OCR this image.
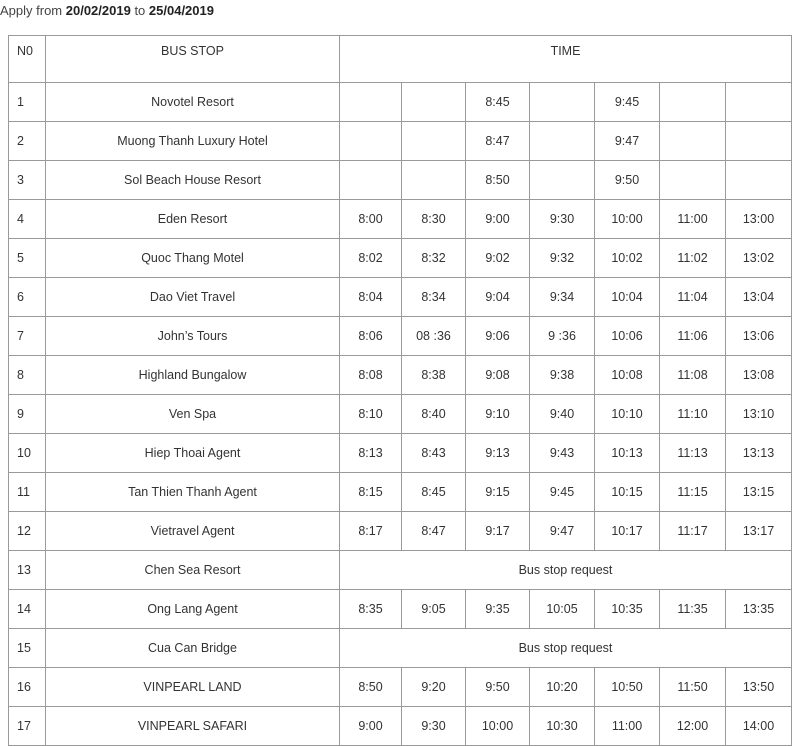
Apply from 20/02/2019 to 25/04/2019
N0	BUS STOP	TIME						
1	Novotel Resort			8:45		9:45		
2	Muong Thanh Luxury Hotel			8:47		9:47		
3	Sol Beach House Resort			8:50		9:50		
4	Eden Resort	8:00	8:30	9:00	9:30	10:00	11:00	13:00
5	Quoc Thang Motel	8:02	8:32	9:02	9:32	10:02	11:02	13:02
6	Dao Viet Travel	8:04	8:34	9:04	9:34	10:04	11:04	13:04
7	John’s Tours	8:06	08 :36	9:06	9 :36	10:06	11:06	13:06
8	Highland Bungalow	8:08	8:38	9:08	9:38	10:08	11:08	13:08
9	Ven Spa	8:10	8:40	9:10	9:40	10:10	11:10	13:10
10	Hiep Thoai Agent	8:13	8:43	9:13	9:43	10:13	11:13	13:13
11	Tan Thien Thanh Agent	8:15	8:45	9:15	9:45	10:15	11:15	13:15
12	Vietravel Agent	8:17	8:47	9:17	9:47	10:17	11:17	13:17
13	Chen Sea Resort	Bus stop request						
14	Ong Lang Agent	8:35	9:05	9:35	10:05	10:35	11:35	13:35
15	Cua Can Bridge	Bus stop request						
16	VINPEARL LAND	8:50	9:20	9:50	10:20	10:50	11:50	13:50
17	VINPEARL SAFARI	9:00	9:30	10:00	10:30	11:00	12:00	14:00
